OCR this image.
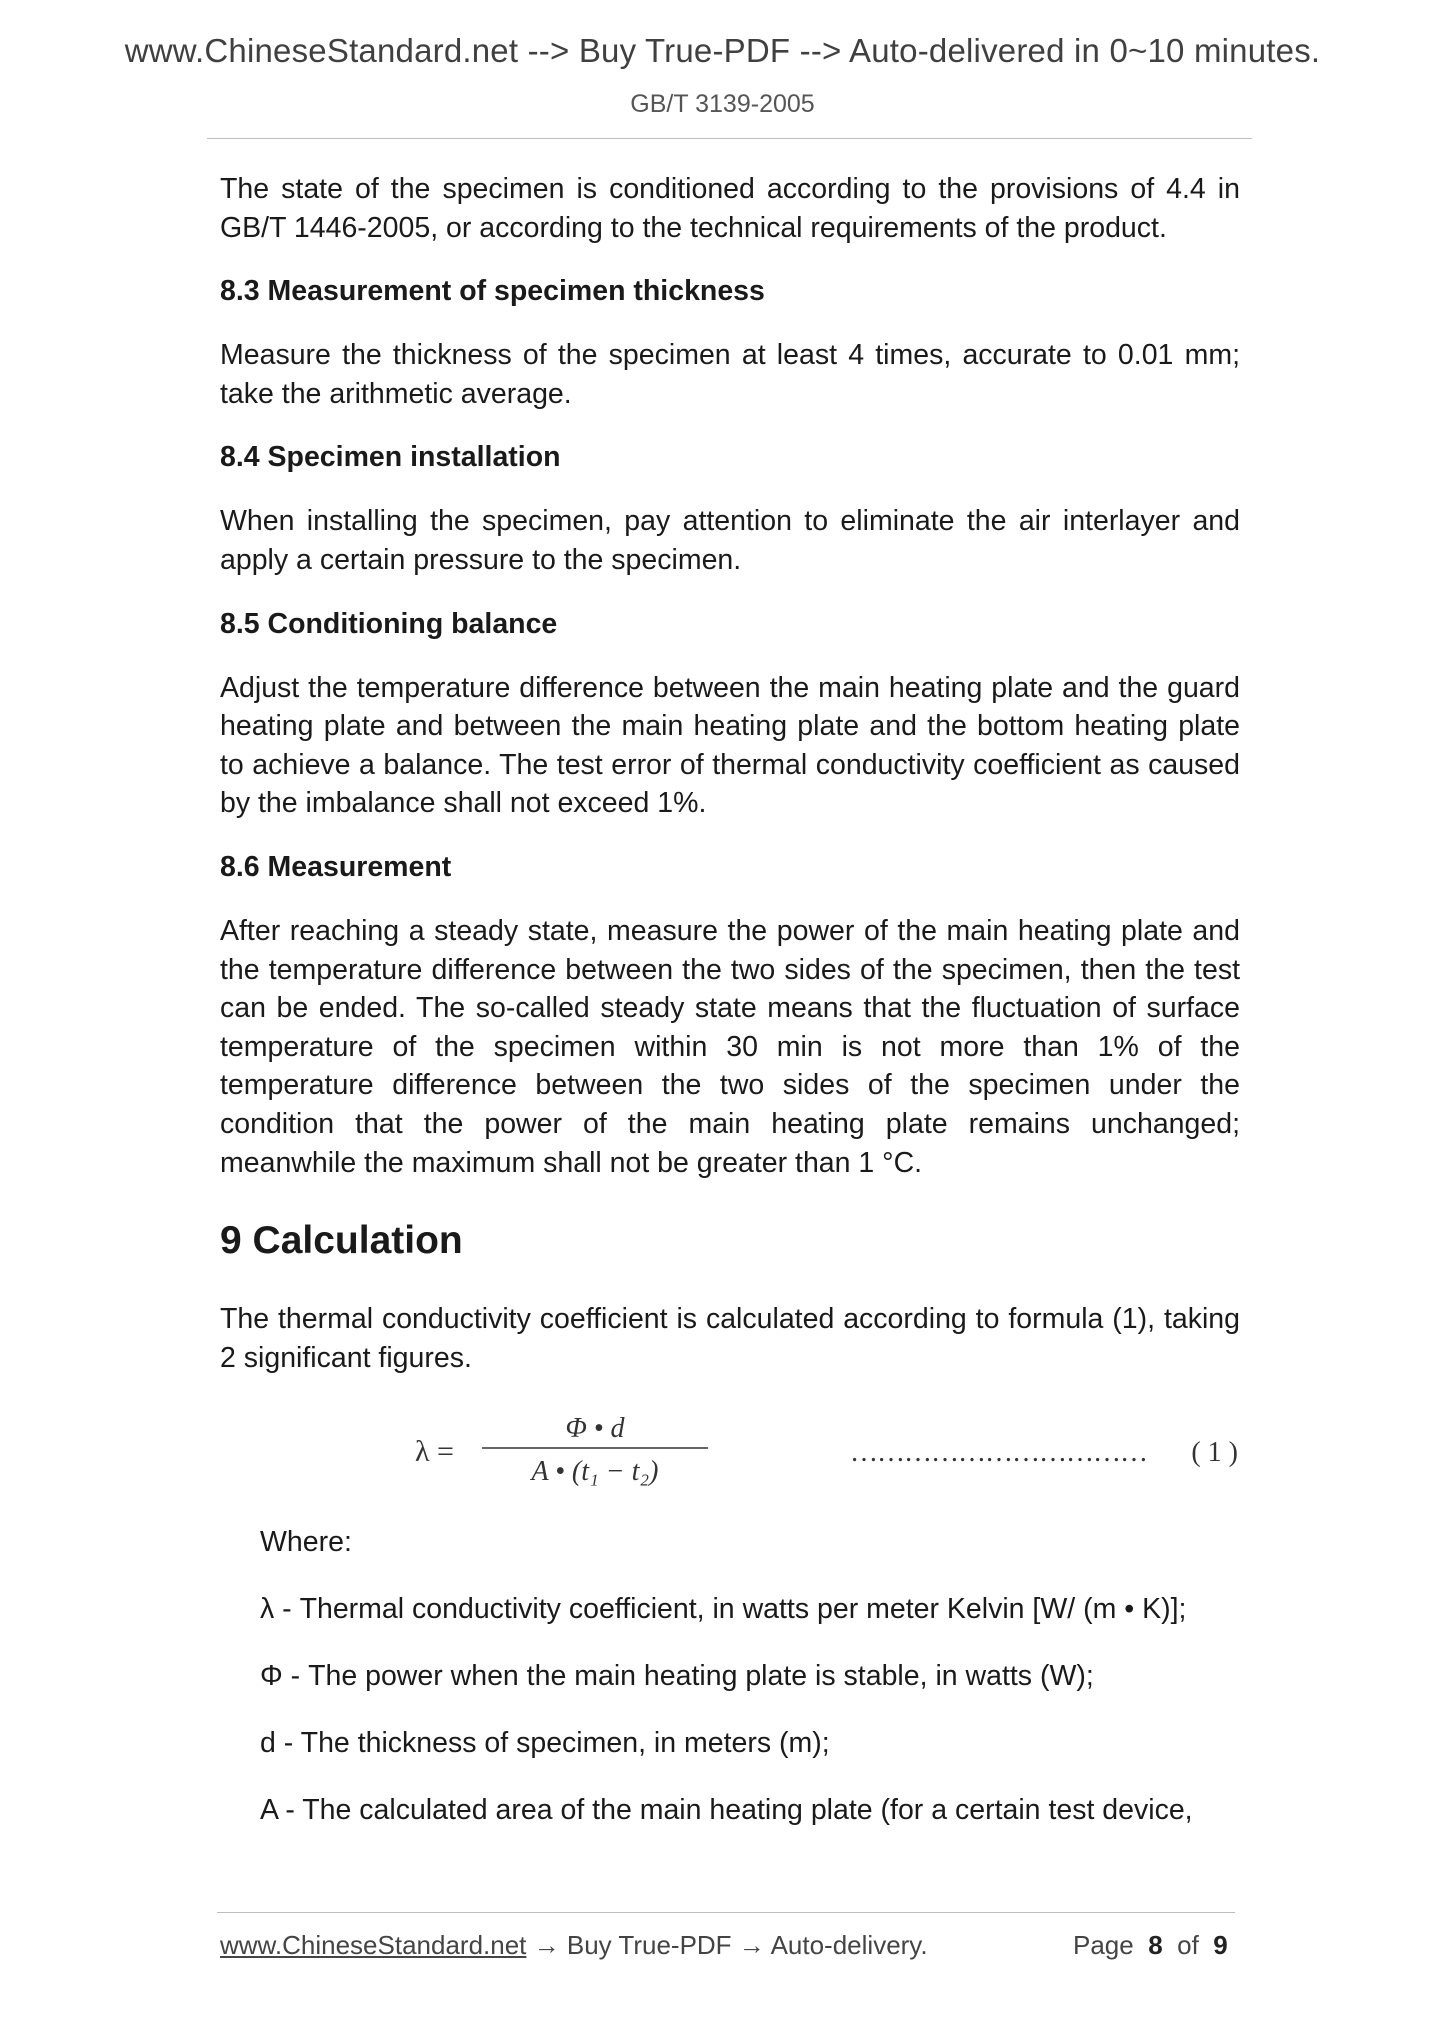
www.ChineseStandard.net --> Buy True-PDF --> Auto-delivered in 0~10 minutes.
GB/T 3139-2005

The state of the specimen is conditioned according to the provisions of 4.4 in GB/T 1446-2005, or according to the technical requirements of the product.

8.3 Measurement of specimen thickness

Measure the thickness of the specimen at least 4 times, accurate to 0.01 mm; take the arithmetic average.

8.4 Specimen installation

When installing the specimen, pay attention to eliminate the air interlayer and apply a certain pressure to the specimen.

8.5 Conditioning balance

Adjust the temperature difference between the main heating plate and the guard heating plate and between the main heating plate and the bottom heating plate to achieve a balance. The test error of thermal conductivity coefficient as caused by the imbalance shall not exceed 1%.

8.6 Measurement

After reaching a steady state, measure the power of the main heating plate and the temperature difference between the two sides of the specimen, then the test can be ended. The so-called steady state means that the fluctuation of surface temperature of the specimen within 30 min is not more than 1% of the temperature difference between the two sides of the specimen under the condition that the power of the main heating plate remains unchanged; meanwhile the maximum shall not be greater than 1 °C.

9 Calculation

The thermal conductivity coefficient is calculated according to formula (1), taking 2 significant figures.

λ =
Φ • d
A • (t₁ − t₂)
…………………………… ( 1 )

Where:

λ - Thermal conductivity coefficient, in watts per meter Kelvin [W/ (m • K)];

Φ - The power when the main heating plate is stable, in watts (W);

d - The thickness of specimen, in meters (m);

A - The calculated area of the main heating plate (for a certain test device,

www.ChineseStandard.net → Buy True-PDF → Auto-delivery.	Page 8 of 9
